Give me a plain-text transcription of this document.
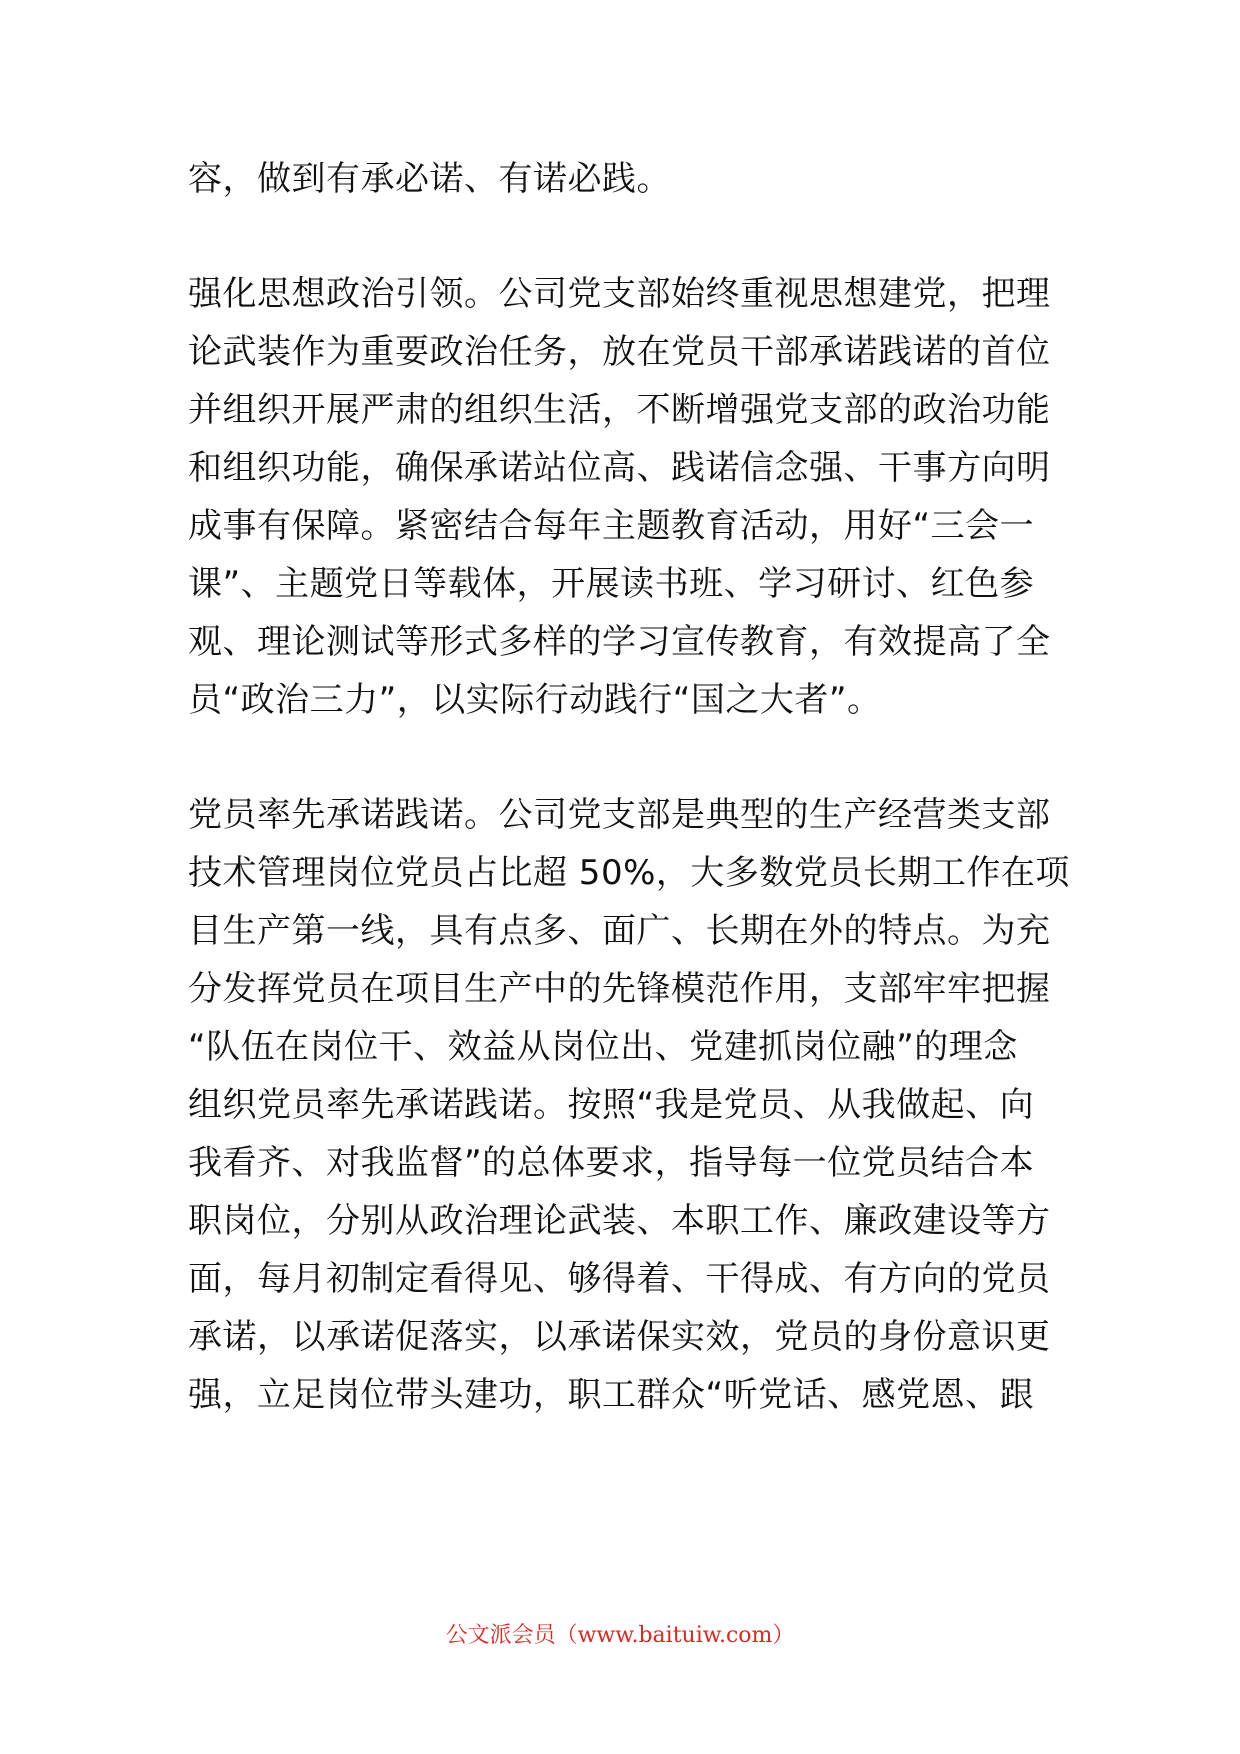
容，做到有承必诺、有诺必践。
强化思想政治引领。公司党支部始终重视思想建党，把理
论武装作为重要政治任务，放在党员干部承诺践诺的首位
并组织开展严肃的组织生活，不断增强党支部的政治功能
和组织功能，确保承诺站位高、践诺信念强、干事方向明
成事有保障。紧密结合每年主题教育活动，用好“三会一
课”、主题党日等载体，开展读书班、学习研讨、红色参
观、理论测试等形式多样的学习宣传教育，有效提高了全
员“政治三力”，以实际行动践行“国之大者”。
党员率先承诺践诺。公司党支部是典型的生产经营类支部
技术管理岗位党员占比超 50%，大多数党员长期工作在项
目生产第一线，具有点多、面广、长期在外的特点。为充
分发挥党员在项目生产中的先锋模范作用，支部牢牢把握
“队伍在岗位干、效益从岗位出、党建抓岗位融”的理念
组织党员率先承诺践诺。按照“我是党员、从我做起、向
我看齐、对我监督”的总体要求，指导每一位党员结合本
职岗位，分别从政治理论武装、本职工作、廉政建设等方
面，每月初制定看得见、够得着、干得成、有方向的党员
承诺，以承诺促落实，以承诺保实效，党员的身份意识更
强，立足岗位带头建功，职工群众“听党话、感党恩、跟
公文派会员（www.baituiw.com）
